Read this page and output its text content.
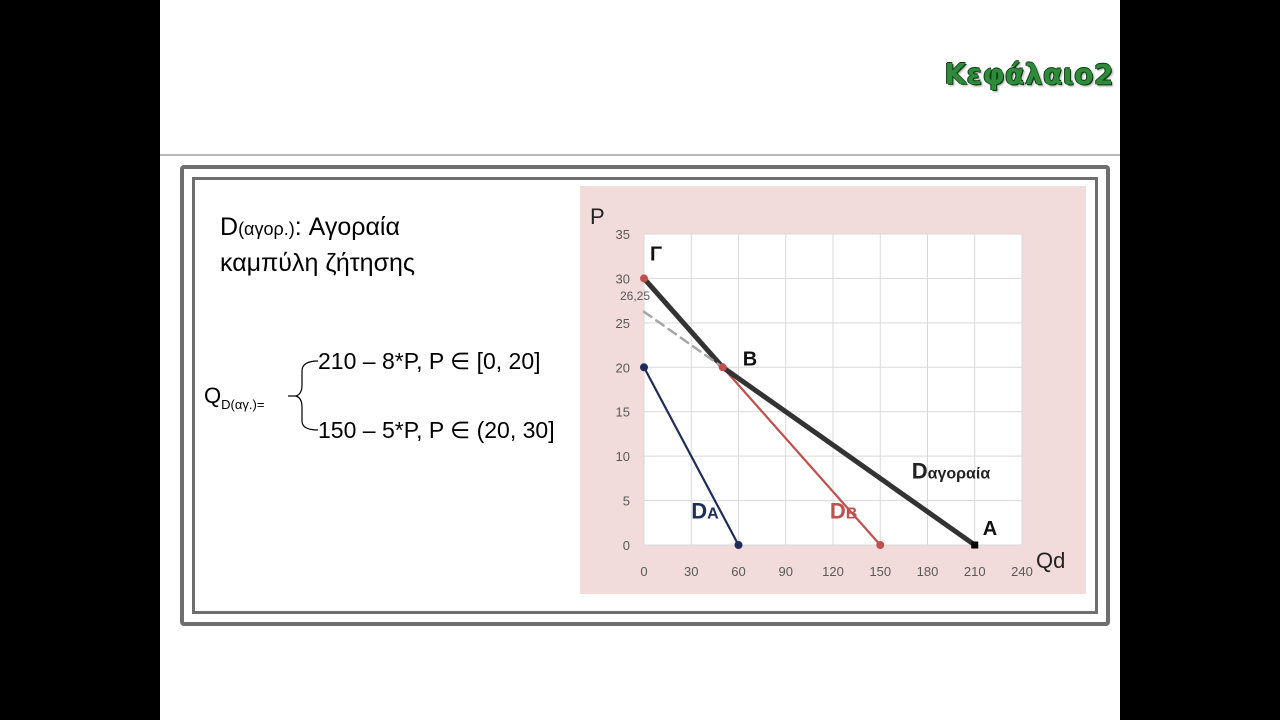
Κεφάλαιο2
D(αγορ.): Αγοραία
καμπύλη ζήτησης
$Q_{D(\alpha\gamma.)=}$
210 – 8*P, P ∈ [0, 20]
150 – 5*P, P ∈ (20, 30]
0	30	60	90 120 150 180 210 240
0
5
10
15
20
25
30
35
Qd
P
DA	DB
Dαγοραία
Γ
B
A
26,25
